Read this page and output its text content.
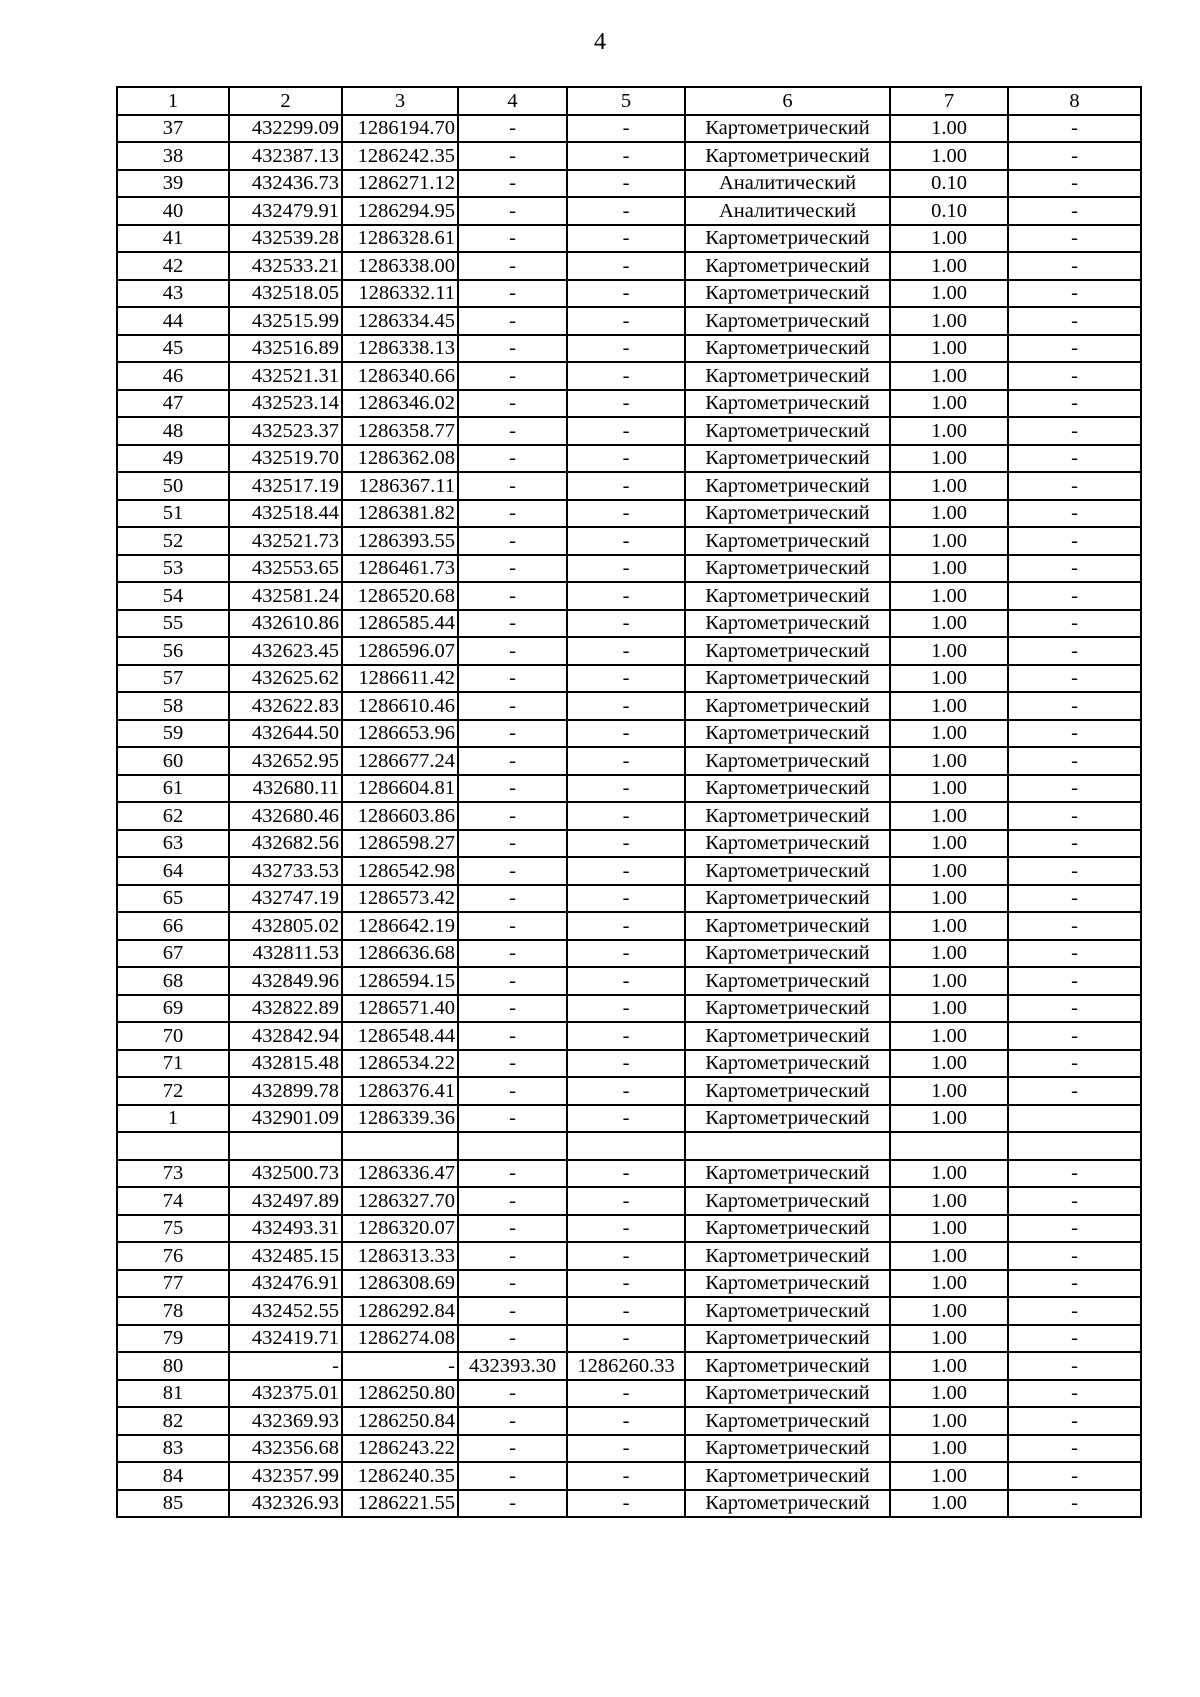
4
1	2	3	4	5	6	7	8
37	432299.09	1286194.70	-	-	Картометрический	1.00	-
38	432387.13	1286242.35	-	-	Картометрический	1.00	-
39	432436.73	1286271.12	-	-	Аналитический	0.10	-
40	432479.91	1286294.95	-	-	Аналитический	0.10	-
41	432539.28	1286328.61	-	-	Картометрический	1.00	-
42	432533.21	1286338.00	-	-	Картометрический	1.00	-
43	432518.05	1286332.11	-	-	Картометрический	1.00	-
44	432515.99	1286334.45	-	-	Картометрический	1.00	-
45	432516.89	1286338.13	-	-	Картометрический	1.00	-
46	432521.31	1286340.66	-	-	Картометрический	1.00	-
47	432523.14	1286346.02	-	-	Картометрический	1.00	-
48	432523.37	1286358.77	-	-	Картометрический	1.00	-
49	432519.70	1286362.08	-	-	Картометрический	1.00	-
50	432517.19	1286367.11	-	-	Картометрический	1.00	-
51	432518.44	1286381.82	-	-	Картометрический	1.00	-
52	432521.73	1286393.55	-	-	Картометрический	1.00	-
53	432553.65	1286461.73	-	-	Картометрический	1.00	-
54	432581.24	1286520.68	-	-	Картометрический	1.00	-
55	432610.86	1286585.44	-	-	Картометрический	1.00	-
56	432623.45	1286596.07	-	-	Картометрический	1.00	-
57	432625.62	1286611.42	-	-	Картометрический	1.00	-
58	432622.83	1286610.46	-	-	Картометрический	1.00	-
59	432644.50	1286653.96	-	-	Картометрический	1.00	-
60	432652.95	1286677.24	-	-	Картометрический	1.00	-
61	432680.11	1286604.81	-	-	Картометрический	1.00	-
62	432680.46	1286603.86	-	-	Картометрический	1.00	-
63	432682.56	1286598.27	-	-	Картометрический	1.00	-
64	432733.53	1286542.98	-	-	Картометрический	1.00	-
65	432747.19	1286573.42	-	-	Картометрический	1.00	-
66	432805.02	1286642.19	-	-	Картометрический	1.00	-
67	432811.53	1286636.68	-	-	Картометрический	1.00	-
68	432849.96	1286594.15	-	-	Картометрический	1.00	-
69	432822.89	1286571.40	-	-	Картометрический	1.00	-
70	432842.94	1286548.44	-	-	Картометрический	1.00	-
71	432815.48	1286534.22	-	-	Картометрический	1.00	-
72	432899.78	1286376.41	-	-	Картометрический	1.00	-
1	432901.09	1286339.36	-	-	Картометрический	1.00	

73	432500.73	1286336.47	-	-	Картометрический	1.00	-
74	432497.89	1286327.70	-	-	Картометрический	1.00	-
75	432493.31	1286320.07	-	-	Картометрический	1.00	-
76	432485.15	1286313.33	-	-	Картометрический	1.00	-
77	432476.91	1286308.69	-	-	Картометрический	1.00	-
78	432452.55	1286292.84	-	-	Картометрический	1.00	-
79	432419.71	1286274.08	-	-	Картометрический	1.00	-
80	-	-	432393.30	1286260.33	Картометрический	1.00	-
81	432375.01	1286250.80	-	-	Картометрический	1.00	-
82	432369.93	1286250.84	-	-	Картометрический	1.00	-
83	432356.68	1286243.22	-	-	Картометрический	1.00	-
84	432357.99	1286240.35	-	-	Картометрический	1.00	-
85	432326.93	1286221.55	-	-	Картометрический	1.00	-
